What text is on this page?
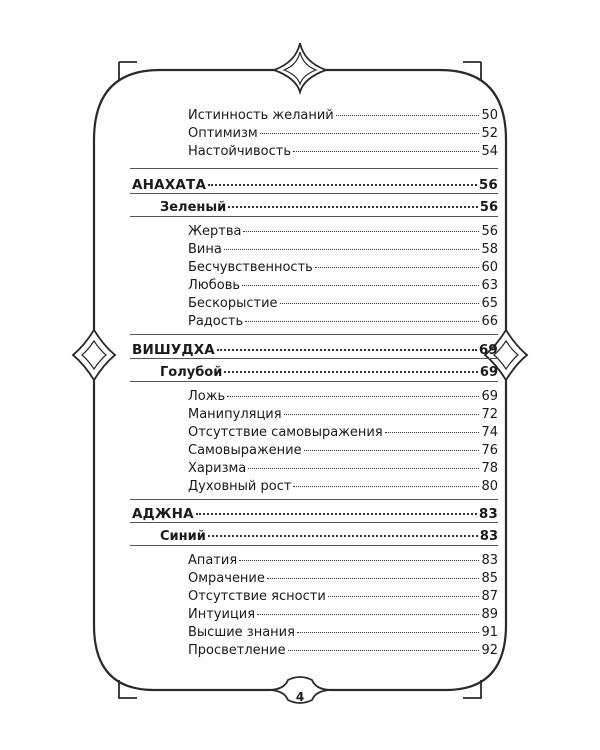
Истинность желаний	50
Оптимизм	52
Настойчивость	54
АНАХАТА	56
Зеленый	56
Жертва	56
Вина	58
Бесчувственность	60
Любовь	63
Бескорыстие	65
Радость	66
ВИШУДХА	69
Голубой	69
Ложь	69
Манипуляция	72
Отсутствие самовыражения	74
Самовыражение	76
Харизма	78
Духовный рост	80
АДЖНА	83
Синий	83
Апатия	83
Омрачение	85
Отсутствие ясности	87
Интуиция	89
Высшие знания	91
Просветление	92
4
